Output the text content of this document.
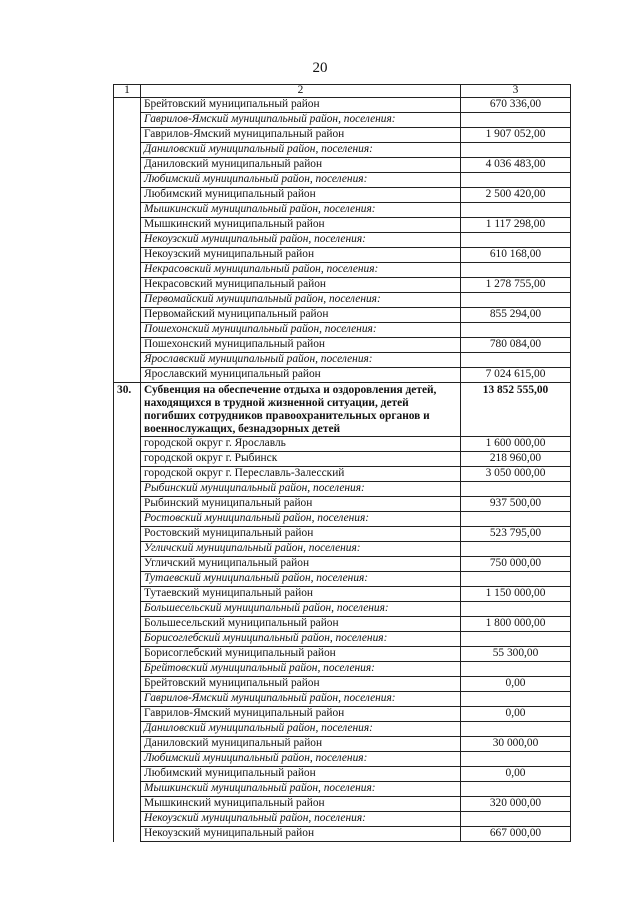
20
1	2	3
	Брейтовский муниципальный район	670 336,00
	Гаврилов-Ямский муниципальный район, поселения:	
	Гаврилов-Ямский муниципальный район	1 907 052,00
	Даниловский муниципальный район, поселения:	
	Даниловский муниципальный район	4 036 483,00
	Любимский муниципальный район, поселения:	
	Любимский муниципальный район	2 500 420,00
	Мышкинский муниципальный район, поселения:	
	Мышкинский муниципальный район	1 117 298,00
	Некоузский муниципальный район, поселения:	
	Некоузский муниципальный район	610 168,00
	Некрасовский муниципальный район, поселения:	
	Некрасовский муниципальный район	1 278 755,00
	Первомайский муниципальный район, поселения:	
	Первомайский муниципальный район	855 294,00
	Пошехонский муниципальный район, поселения:	
	Пошехонский муниципальный район	780 084,00
	Ярославский муниципальный район, поселения:	
	Ярославский муниципальный район	7 024 615,00
30.	Субвенция на обеспечение отдыха и оздоровления детей, находящихся в трудной жизненной ситуации, детей погибших сотрудников правоохранительных органов и военнослужащих, безнадзорных детей	13 852 555,00
	городской округ г. Ярославль	1 600 000,00
	городской округ г. Рыбинск	218 960,00
	городской округ г. Переславль-Залесский	3 050 000,00
	Рыбинский муниципальный район, поселения:	
	Рыбинский муниципальный район	937 500,00
	Ростовский муниципальный район, поселения:	
	Ростовский муниципальный район	523 795,00
	Угличский муниципальный район, поселения:	
	Угличский муниципальный район	750 000,00
	Тутаевский муниципальный район, поселения:	
	Тутаевский муниципальный район	1 150 000,00
	Большесельский муниципальный район, поселения:	
	Большесельский муниципальный район	1 800 000,00
	Борисоглебский муниципальный район, поселения:	
	Борисоглебский муниципальный район	55 300,00
	Брейтовский муниципальный район, поселения:	
	Брейтовский муниципальный район	0,00
	Гаврилов-Ямский муниципальный район, поселения:	
	Гаврилов-Ямский муниципальный район	0,00
	Даниловский муниципальный район, поселения:	
	Даниловский муниципальный район	30 000,00
	Любимский муниципальный район, поселения:	
	Любимский муниципальный район	0,00
	Мышкинский муниципальный район, поселения:	
	Мышкинский муниципальный район	320 000,00
	Некоузский муниципальный район, поселения:	
	Некоузский муниципальный район	667 000,00
